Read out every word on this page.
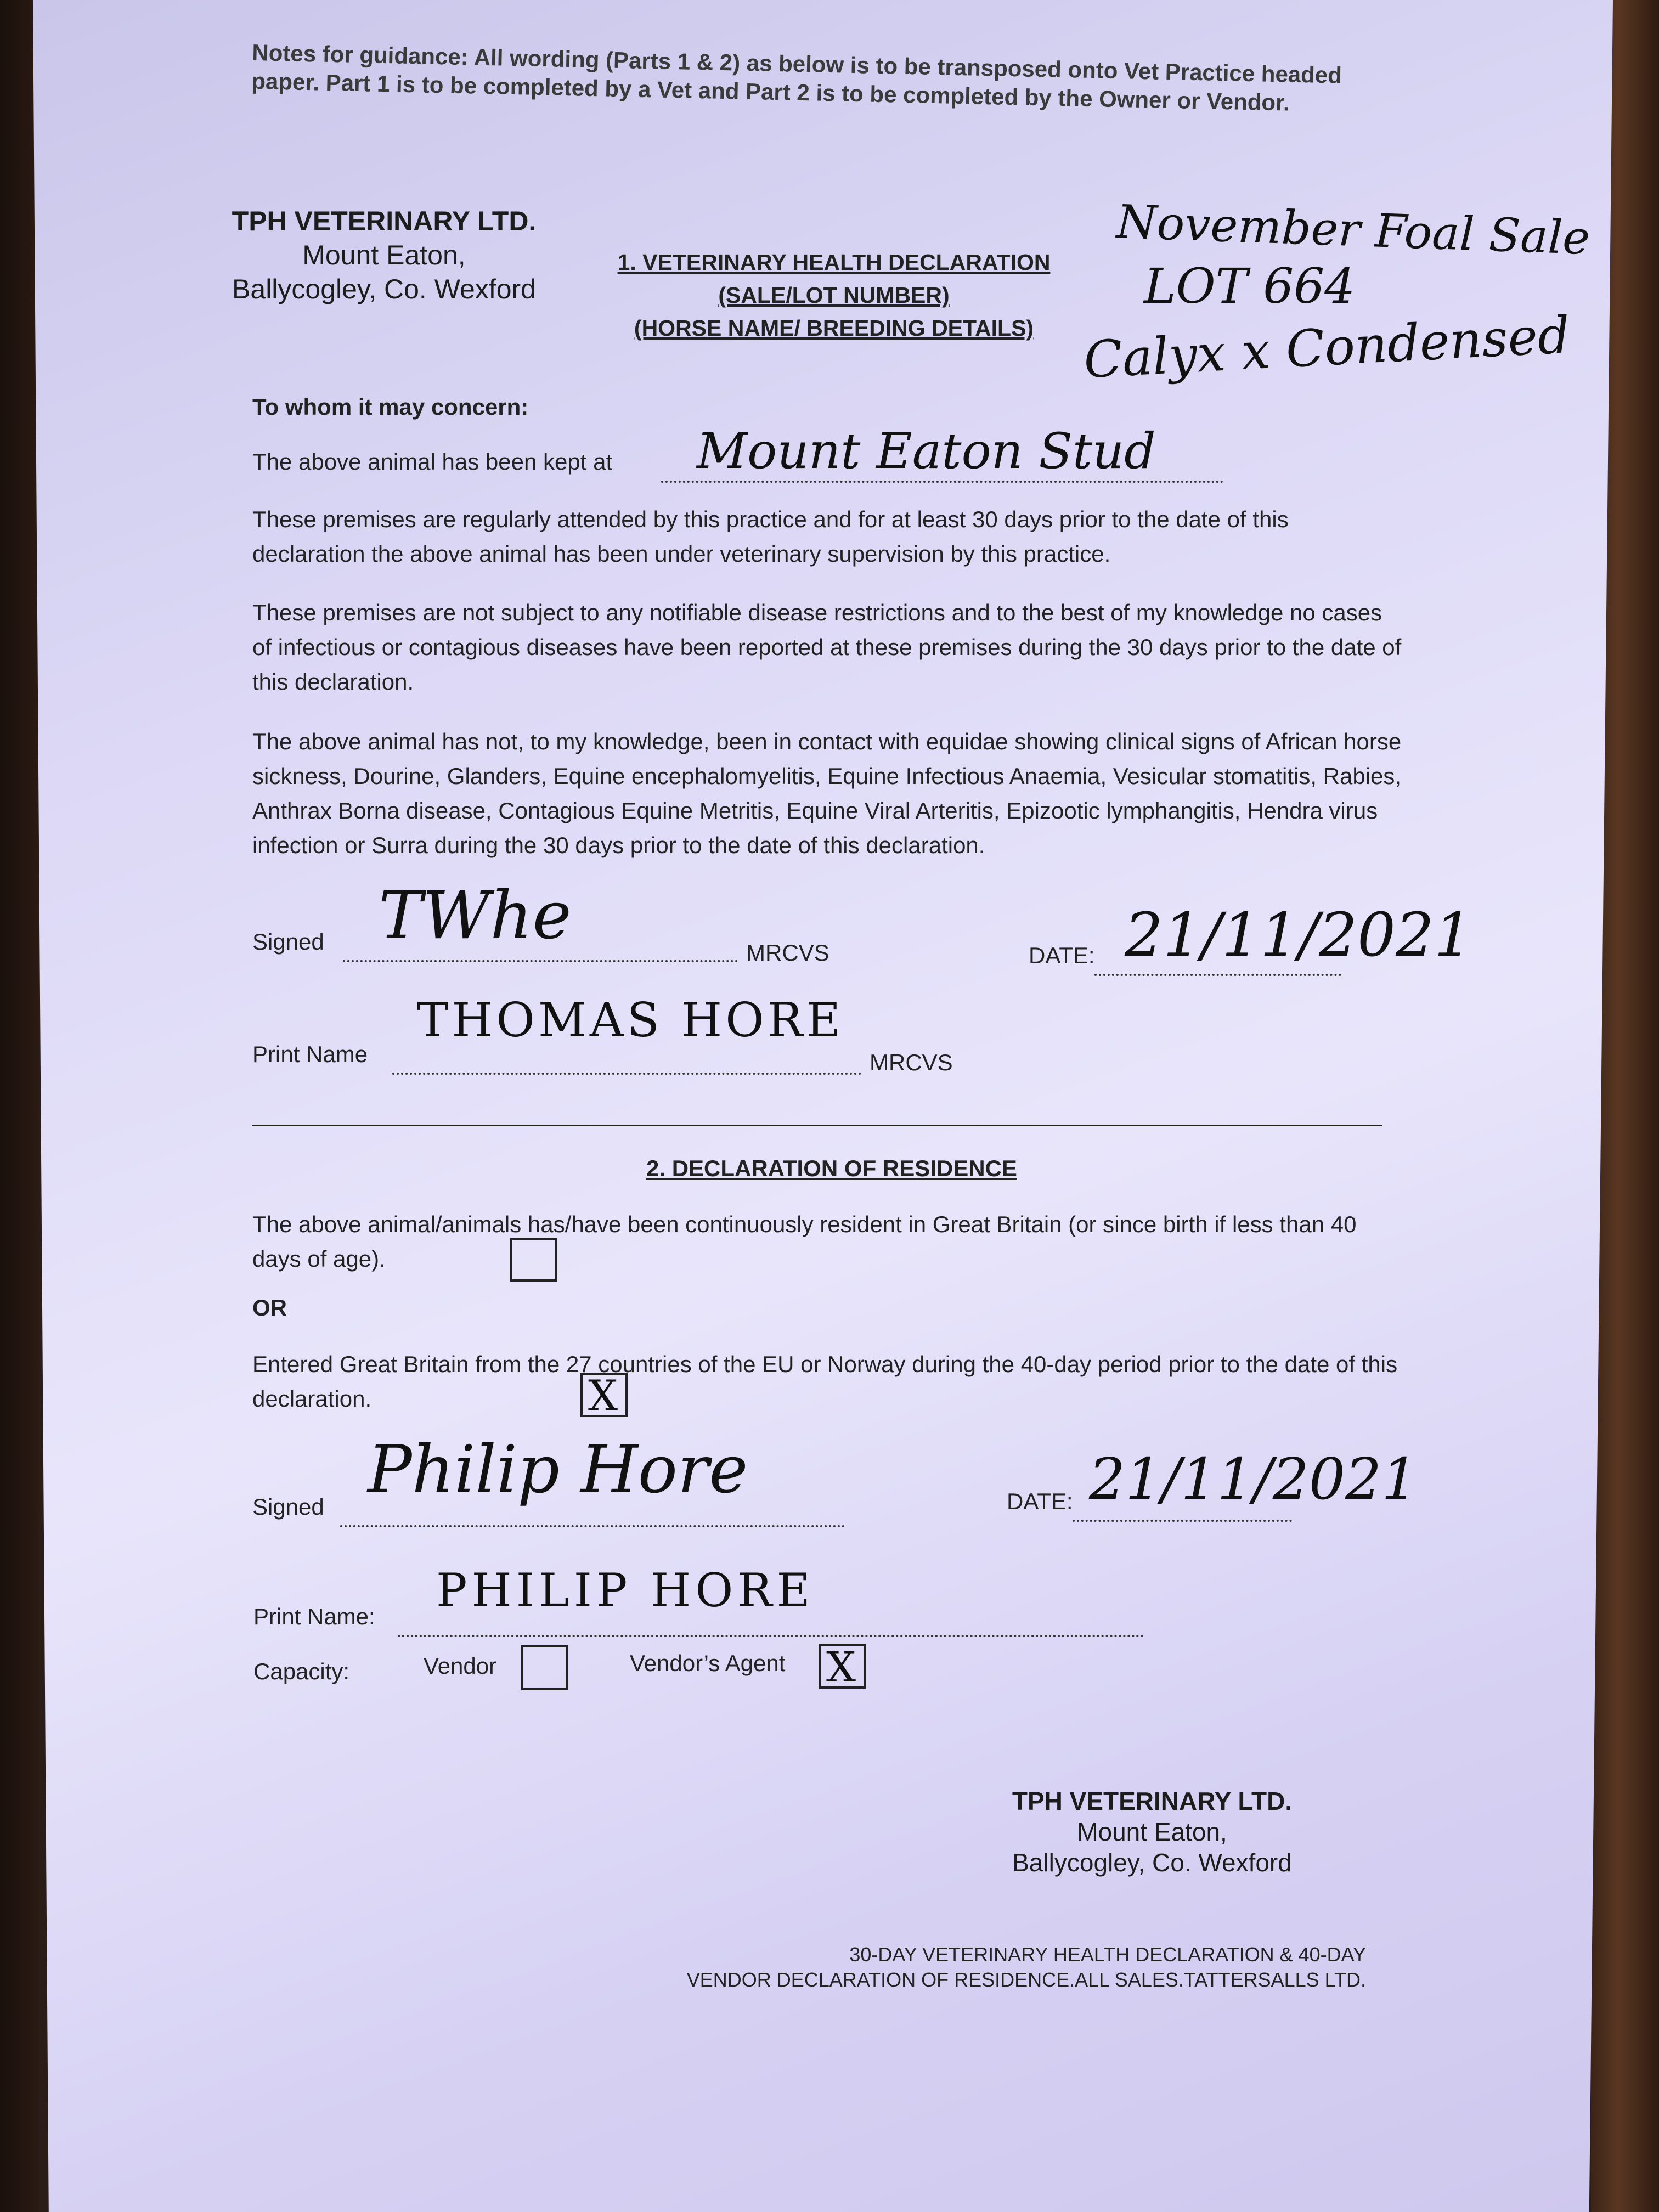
Notes for guidance: All wording (Parts 1 & 2) as below is to be transposed onto Vet Practice headed paper. Part 1 is to be completed by a Vet and Part 2 is to be completed by the Owner or Vendor.
TPH VETERINARY LTD.
Mount Eaton,
Ballycogley, Co. Wexford
1. VETERINARY HEALTH DECLARATION
(SALE/LOT NUMBER)
(HORSE NAME/ BREEDING DETAILS)
November Foal Sale
LOT 664
Calyx x Condensed
To whom it may concern:
The above animal has been kept at Mount Eaton Stud
These premises are regularly attended by this practice and for at least 30 days prior to the date of this declaration the above animal has been under veterinary supervision by this practice.
These premises are not subject to any notifiable disease restrictions and to the best of my knowledge no cases of infectious or contagious diseases have been reported at these premises during the 30 days prior to the date of this declaration.
The above animal has not, to my knowledge, been in contact with equidae showing clinical signs of African horse sickness, Dourine, Glanders, Equine encephalomyelitis, Equine Infectious Anaemia, Vesicular stomatitis, Rabies, Anthrax Borna disease, Contagious Equine Metritis, Equine Viral Arteritis, Epizootic lymphangitis, Hendra virus infection or Surra during the 30 days prior to the date of this declaration.
Signed TWhe	MRCVS	DATE: 21/11/2021
Print Name
THOMAS HORE
MRCVS
2. DECLARATION OF RESIDENCE
The above animal/animals has/have been continuously resident in Great Britain (or since birth if less than 40 days of age).
OR
Entered Great Britain from the 27 countries of the EU or Norway during the 40-day period prior to the date of this declaration.	X
Signed Philip Hore	DATE: 21/11/2021
Print Name: PHILIP HORE
Capacity:	Vendor	Vendor’s Agent X
TPH VETERINARY LTD.
Mount Eaton,
Ballycogley, Co. Wexford
30-DAY VETERINARY HEALTH DECLARATION & 40-DAY
VENDOR DECLARATION OF RESIDENCE.ALL SALES.TATTERSALLS LTD.
